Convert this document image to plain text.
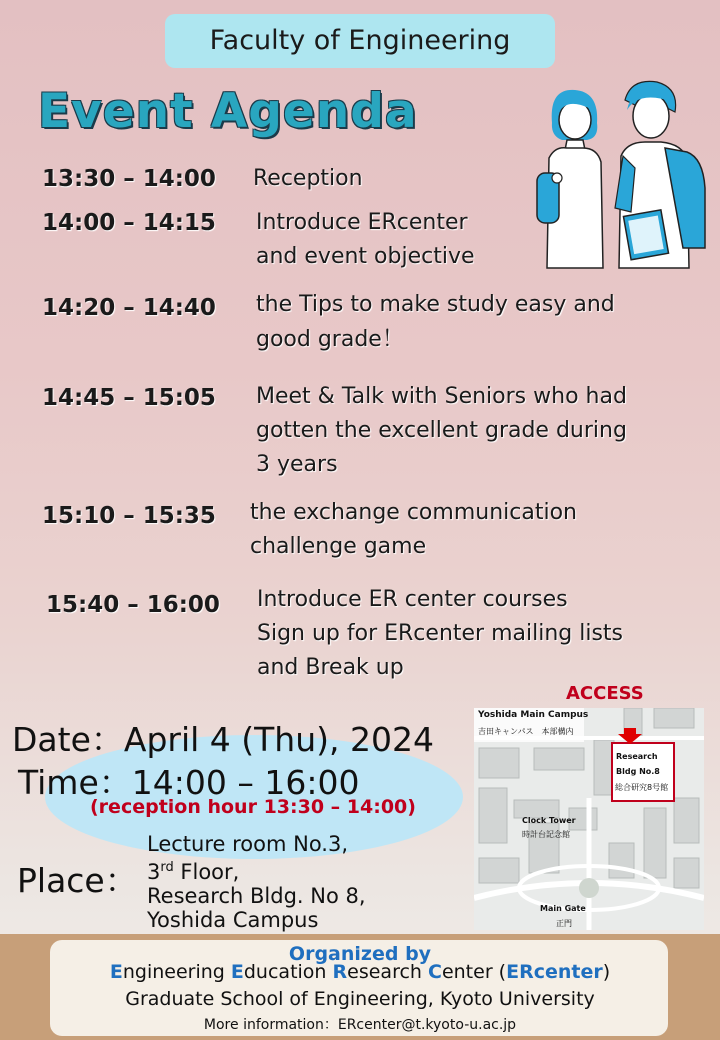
Faculty of Engineering
Event Agenda
13:30 – 14:00 Reception
14:00 – 14:15 Introduce ERcenter
and event objective
14:20 – 14:40 the Tips to make study easy and
good grade！
14:45 – 15:05 Meet & Talk with Seniors who had
gotten the excellent grade during
3 years
15:10 – 15:35 the exchange communication
challenge game
15:40 – 16:00 Introduce ER center courses
Sign up for ERcenter mailing lists
and Break up
Date：April 4 (Thu), 2024
Time：14:00 – 16:00
(reception hour 13:30 – 14:00)
Place：
Lecture room No.3,
3rd Floor,
Research Bldg. No 8,
Yoshida Campus
ACCESS
Yoshida Main Campus
吉田キャンパス　本部構内
Research
Bldg No.8
総合研究8号館
Clock Tower
時計台記念館
Main Gate
正門
Organized by
Engineering Education Research Center (ERcenter)
Graduate School of Engineering, Kyoto University
More information：ERcenter@t.kyoto-u.ac.jp
